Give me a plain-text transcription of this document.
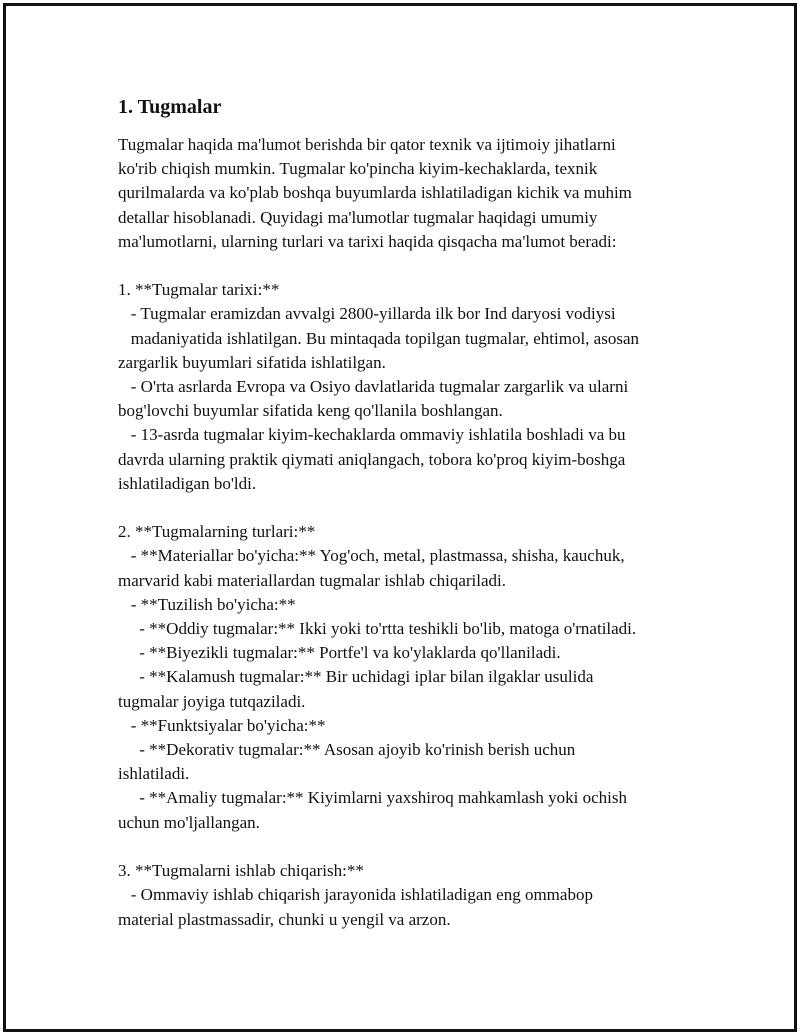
1. Tugmalar

Tugmalar haqida ma'lumot berishda bir qator texnik va ijtimoiy jihatlarni
ko'rib chiqish mumkin. Tugmalar ko'pincha kiyim-kechaklarda, texnik
qurilmalarda va ko'plab boshqa buyumlarda ishlatiladigan kichik va muhim
detallar hisoblanadi. Quyidagi ma'lumotlar tugmalar haqidagi umumiy
ma'lumotlarni, ularning turlari va tarixi haqida qisqacha ma'lumot beradi:

1. **Tugmalar tarixi:**
- Tugmalar eramizdan avvalgi 2800-yillarda ilk bor Ind daryosi vodiysi
madaniyatida ishlatilgan. Bu mintaqada topilgan tugmalar, ehtimol, asosan
zargarlik buyumlari sifatida ishlatilgan.
- O'rta asrlarda Evropa va Osiyo davlatlarida tugmalar zargarlik va ularni
bog'lovchi buyumlar sifatida keng qo'llanila boshlangan.
- 13-asrda tugmalar kiyim-kechaklarda ommaviy ishlatila boshladi va bu
davrda ularning praktik qiymati aniqlangach, tobora ko'proq kiyim-boshga
ishlatiladigan bo'ldi.

2. **Tugmalarning turlari:**
- **Materiallar bo'yicha:** Yog'och, metal, plastmassa, shisha, kauchuk,
marvarid kabi materiallardan tugmalar ishlab chiqariladi.
- **Tuzilish bo'yicha:**
- **Oddiy tugmalar:** Ikki yoki to'rtta teshikli bo'lib, matoga o'rnatiladi.
- **Biyezikli tugmalar:** Portfe'l va ko'ylaklarda qo'llaniladi.
- **Kalamush tugmalar:** Bir uchidagi iplar bilan ilgaklar usulida
tugmalar joyiga tutqaziladi.
- **Funktsiyalar bo'yicha:**
- **Dekorativ tugmalar:** Asosan ajoyib ko'rinish berish uchun
ishlatiladi.
- **Amaliy tugmalar:** Kiyimlarni yaxshiroq mahkamlash yoki ochish
uchun mo'ljallangan.

3. **Tugmalarni ishlab chiqarish:**
- Ommaviy ishlab chiqarish jarayonida ishlatiladigan eng ommabop
material plastmassadir, chunki u yengil va arzon.
